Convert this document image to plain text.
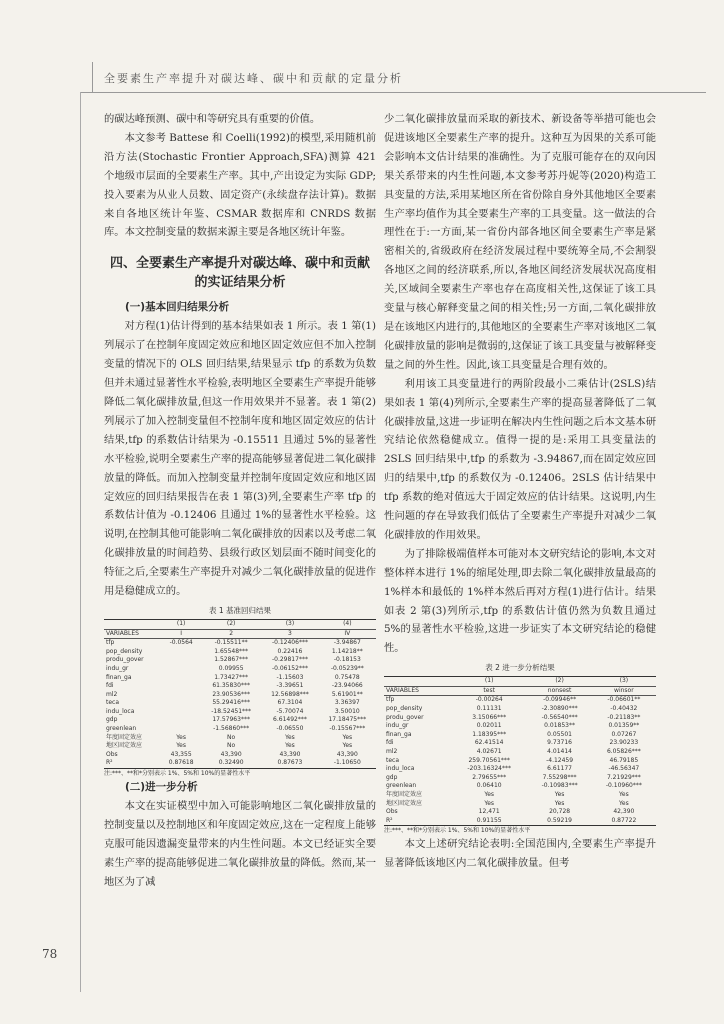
全要素生产率提升对碳达峰、碳中和贡献的定量分析
78

的碳达峰预测、碳中和等研究具有重要的价值。

本文参考 Battese 和 Coelli(1992)的模型,采用随机前沿方法(Stochastic Frontier Approach,SFA)测算 421 个地级市层面的全要素生产率。其中,产出设定为实际 GDP;投入要素为从业人员数、固定资产(永续盘存法计算)。数据来自各地区统计年鉴、CSMAR 数据库和 CNRDS 数据库。本文控制变量的数据来源主要是各地区统计年鉴。

四、全要素生产率提升对碳达峰、碳中和贡献的实证结果分析
(一)基本回归结果分析

对方程(1)估计得到的基本结果如表 1 所示。表 1 第(1)列展示了在控制年度固定效应和地区固定效应但不加入控制变量的情况下的 OLS 回归结果,结果显示 tfp 的系数为负数但并未通过显著性水平检验,表明地区全要素生产率提升能够降低二氧化碳排放量,但这一作用效果并不显著。表 1 第(2)列展示了加入控制变量但不控制年度和地区固定效应的估计结果,tfp 的系数估计结果为 -0.15511 且通过 5%的显著性水平检验,说明全要素生产率的提高能够显著促进二氧化碳排放量的降低。而加入控制变量并控制年度固定效应和地区固定效应的回归结果报告在表 1 第(3)列,全要素生产率 tfp 的系数估计值为 -0.12406 且通过 1%的显著性水平检验。这说明,在控制其他可能影响二氧化碳排放的因素以及考虑二氧化碳排放量的时间趋势、县级行政区划层面不随时间变化的特征之后,全要素生产率提升对减少二氧化碳排放量的促进作用是稳健成立的。

表 1 基准回归结果
	(1)	(2)	(3)	(4)
VARIABLES	I	2	3	IV
tfp	-0.0564	-0.15511**	-0.12406***	-3.94867
pop_density		1.65548***	0.22416	1.14218**
produ_gover		1.52867***	-0.29817***	-0.18153
indu_gr		0.09955	-0.06152***	-0.05239**
finan_ga		1.73427***	-1.15603	0.75478
fdi		61.35830***	-3.39651	-23.94066
ml2		23.90536***	12.56898***	5.61901**
teca		55.29416***	67.3104	3.36397
indu_loca		-18.52451***	-5.70074	3.50010
gdp		17.57963***	6.61492***	17.18475***
greenlean		-1.56860***	-0.06550	-0.15567***
年度固定效应	Yes	No	Yes	Yes
地区固定效应	Yes	No	Yes	Yes
Obs	43,355	43,390	43,390	43,390
R²	0.87618	0.32490	0.87673	-1.10650

注:***、**和*分别表示 1%、5%和 10%的显著性水平

(二)进一步分析

本文在实证模型中加入可能影响地区二氧化碳排放量的控制变量以及控制地区和年度固定效应,这在一定程度上能够克服可能因遗漏变量带来的内生性问题。本文已经证实全要素生产率的提高能够促进二氧化碳排放量的降低。然而,某一地区为了减

少二氧化碳排放量而采取的新技术、新设备等举措可能也会促进该地区全要素生产率的提升。这种互为因果的关系可能会影响本文估计结果的准确性。为了克服可能存在的双向因果关系带来的内生性问题,本文参考苏丹妮等(2020)构造工具变量的方法,采用某地区所在省份除自身外其他地区全要素生产率均值作为其全要素生产率的工具变量。这一做法的合理性在于:一方面,某一省份内部各地区间全要素生产率是紧密相关的,省级政府在经济发展过程中要统筹全局,不会割裂各地区之间的经济联系,所以,各地区间经济发展状况高度相关,区域间全要素生产率也存在高度相关性,这保证了该工具变量与核心解释变量之间的相关性;另一方面,二氧化碳排放是在该地区内进行的,其他地区的全要素生产率对该地区二氧化碳排放量的影响是微弱的,这保证了该工具变量与被解释变量之间的外生性。因此,该工具变量是合理有效的。

利用该工具变量进行的两阶段最小二乘估计(2SLS)结果如表 1 第(4)列所示,全要素生产率的提高显著降低了二氧化碳排放量,这进一步证明在解决内生性问题之后本文基本研究结论依然稳健成立。值得一提的是:采用工具变量法的 2SLS 回归结果中,tfp 的系数为 -3.94867,而在固定效应回归的结果中,tfp 的系数仅为 -0.12406。2SLS 估计结果中 tfp 系数的绝对值远大于固定效应的估计结果。这说明,内生性问题的存在导致我们低估了全要素生产率提升对减少二氧化碳排放的作用效果。

为了排除极端值样本可能对本文研究结论的影响,本文对整体样本进行 1%的缩尾处理,即去除二氧化碳排放量最高的 1%样本和最低的 1%样本然后再对方程(1)进行估计。结果如表 2 第(3)列所示,tfp 的系数估计值仍然为负数且通过 5%的显著性水平检验,这进一步证实了本文研究结论的稳健性。

表 2 进一步分析结果
	(1)	(2)	(3)
VARIABLES	test	nonsest	winsor
tfp	-0.00264	-0.09946**	-0.06601**
pop_density	0.11131	-2.30890***	-0.40432
produ_gover	3.15066***	-0.56540***	-0.21183**
indu_gr	0.02011	0.01853**	0.01359**
finan_ga	1.18395***	0.05501	0.07267
fdi	62.41514	9.73716	23.90233
ml2	4.02671	4.01414	6.05826***
teca	259.70561***	-4.12459	46.79185
indu_loca	-203.16324***	6.61177	-46.56347
gdp	2.79655***	7.55298***	7.21929***
greenlean	0.06410	-0.10983***	-0.10960***
年度固定效应	Yes	Yes	Yes
地区固定效应	Yes	Yes	Yes
Obs	12,471	20,728	42,390
R²	0.91155	0.59219	0.87722

注:***、**和*分别表示 1%、5%和 10%的显著性水平

本文上述研究结论表明:全国范围内,全要素生产率提升显著降低该地区内二氧化碳排放量。但考
